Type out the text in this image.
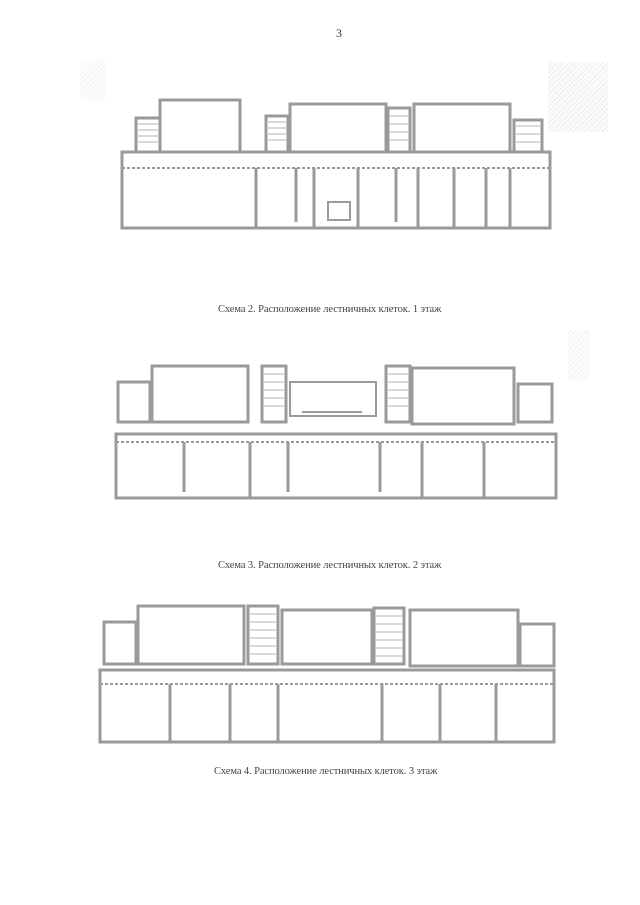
3
Схема 2. Расположение лестничных клеток. 1 этаж
Схема 3. Расположение лестничных клеток. 2 этаж
Схема 4. Расположение лестничных клеток. 3 этаж
